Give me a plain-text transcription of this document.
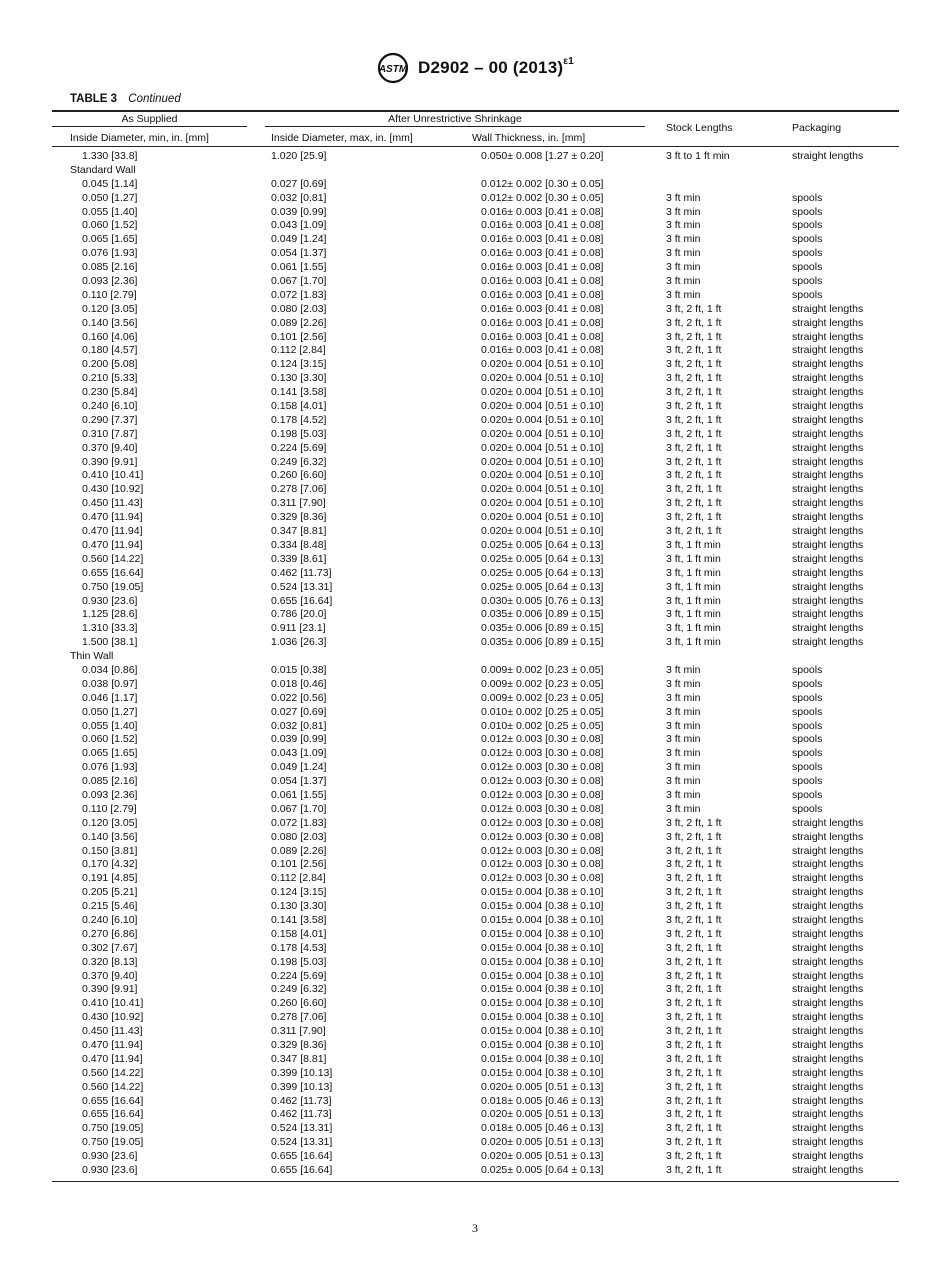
ASTM D2902 – 00 $(2013)^{\varepsilon 1}$
TABLE 3 Continued
As Supplied	After Unrestrictive Shrinkage
Inside Diameter, min, in. [mm]	Inside Diameter, max, in. [mm]	Wall Thickness, in. [mm]
Stock Lengths	Packaging
1.330 [33.8]	1.020 [25.9]	0.050± 0.008 [1.27 ± 0.20]	3 ft to 1 ft min	straight lengths
Standard Wall
0.045 [1.14]	0.027 [0.69]	0.012± 0.002 [0.30 ± 0.05]
0.050 [1.27]	0.032 [0.81]	0.012± 0.002 [0.30 ± 0.05]	3 ft min	spools
0.055 [1.40]	0.039 [0.99]	0.016± 0.003 [0.41 ± 0.08]	3 ft min	spools
0.060 [1.52]	0.043 [1.09]	0.016± 0.003 [0.41 ± 0.08]	3 ft min	spools
0.065 [1.65]	0.049 [1.24]	0.016± 0.003 [0.41 ± 0.08]	3 ft min	spools
0.076 [1.93]	0.054 [1.37]	0.016± 0.003 [0.41 ± 0.08]	3 ft min	spools
0.085 [2.16]	0.061 [1.55]	0.016± 0.003 [0.41 ± 0.08]	3 ft min	spools
0.093 [2.36]	0.067 [1.70]	0.016± 0.003 [0.41 ± 0.08]	3 ft min	spools
0.110 [2.79]	0.072 [1.83]	0.016± 0.003 [0.41 ± 0.08]	3 ft min	spools
0.120 [3.05]	0.080 [2.03]	0.016± 0.003 [0.41 ± 0.08]	3 ft, 2 ft, 1 ft	straight lengths
0.140 [3.56]	0.089 [2.26]	0.016± 0.003 [0.41 ± 0.08]	3 ft, 2 ft, 1 ft	straight lengths
0.160 [4.06]	0.101 [2.56]	0.016± 0.003 [0.41 ± 0.08]	3 ft, 2 ft, 1 ft	straight lengths
0.180 [4.57]	0.112 [2.84]	0.016± 0.003 [0.41 ± 0.08]	3 ft, 2 ft, 1 ft	straight lengths
0.200 [5.08]	0.124 [3.15]	0.020± 0.004 [0.51 ± 0.10]	3 ft, 2 ft, 1 ft	straight lengths
0.210 [5.33]	0.130 [3.30]	0.020± 0.004 [0.51 ± 0.10]	3 ft, 2 ft, 1 ft	straight lengths
0.230 [5.84]	0.141 [3.58]	0.020± 0.004 [0.51 ± 0.10]	3 ft, 2 ft, 1 ft	straight lengths
0.240 [6.10]	0.158 [4.01]	0.020± 0.004 [0.51 ± 0.10]	3 ft, 2 ft, 1 ft	straight lengths
0.290 [7.37]	0.178 [4.52]	0.020± 0.004 [0.51 ± 0.10]	3 ft, 2 ft, 1 ft	straight lengths
0.310 [7.87]	0.198 [5.03]	0.020± 0.004 [0.51 ± 0.10]	3 ft, 2 ft, 1 ft	straight lengths
0.370 [9.40]	0.224 [5.69]	0.020± 0.004 [0.51 ± 0.10]	3 ft, 2 ft, 1 ft	straight lengths
0.390 [9.91]	0.249 [6.32]	0.020± 0.004 [0.51 ± 0.10]	3 ft, 2 ft, 1 ft	straight lengths
0.410 [10.41]	0.260 [6.60]	0.020± 0.004 [0.51 ± 0.10]	3 ft, 2 ft, 1 ft	straight lengths
0.430 [10.92]	0.278 [7.06]	0.020± 0.004 [0.51 ± 0.10]	3 ft, 2 ft, 1 ft	straight lengths
0.450 [11.43]	0.311 [7.90]	0.020± 0.004 [0.51 ± 0.10]	3 ft, 2 ft, 1 ft	straight lengths
0.470 [11.94]	0.329 [8.36]	0.020± 0.004 [0.51 ± 0.10]	3 ft, 2 ft, 1 ft	straight lengths
0.470 [11.94]	0.347 [8.81]	0.020± 0.004 [0.51 ± 0.10]	3 ft, 2 ft, 1 ft	straight lengths
0.470 [11.94]	0.334 [8.48]	0.025± 0.005 [0.64 ± 0.13]	3 ft, 1 ft min	straight lengths
0.560 [14.22]	0.339 [8.61]	0.025± 0.005 [0.64 ± 0.13]	3 ft, 1 ft min	straight lengths
0.655 [16.64]	0.462 [11.73]	0.025± 0.005 [0.64 ± 0.13]	3 ft, 1 ft min	straight lengths
0.750 [19.05]	0.524 [13.31]	0.025± 0.005 [0.64 ± 0.13]	3 ft, 1 ft min	straight lengths
0.930 [23.6]	0.655 [16.64]	0.030± 0.005 [0.76 ± 0.13]	3 ft, 1 ft min	straight lengths
1.125 [28.6]	0.786 [20.0]	0.035± 0.006 [0.89 ± 0.15]	3 ft, 1 ft min	straight lengths
1.310 [33.3]	0.911 [23.1]	0.035± 0.006 [0.89 ± 0.15]	3 ft, 1 ft min	straight lengths
1.500 [38.1]	1.036 [26.3]	0.035± 0.006 [0.89 ± 0.15]	3 ft, 1 ft min	straight lengths
Thin Wall
0.034 [0.86]	0.015 [0.38]	0.009± 0.002 [0.23 ± 0.05]	3 ft min	spools
0.038 [0.97]	0.018 [0.46]	0.009± 0.002 [0.23 ± 0.05]	3 ft min	spools
0.046 [1.17]	0.022 [0.56]	0.009± 0.002 [0.23 ± 0.05]	3 ft min	spools
0.050 [1.27]	0.027 [0.69]	0.010± 0.002 [0.25 ± 0.05]	3 ft min	spools
0.055 [1.40]	0.032 [0.81]	0.010± 0.002 [0.25 ± 0.05]	3 ft min	spools
0.060 [1.52]	0.039 [0.99]	0.012± 0.003 [0.30 ± 0.08]	3 ft min	spools
0.065 [1.65]	0.043 [1.09]	0.012± 0.003 [0.30 ± 0.08]	3 ft min	spools
0.076 [1.93]	0.049 [1.24]	0.012± 0.003 [0.30 ± 0.08]	3 ft min	spools
0.085 [2.16]	0.054 [1.37]	0.012± 0.003 [0.30 ± 0.08]	3 ft min	spools
0.093 [2.36]	0.061 [1.55]	0.012± 0.003 [0.30 ± 0.08]	3 ft min	spools
0.110 [2.79]	0.067 [1.70]	0.012± 0.003 [0.30 ± 0.08]	3 ft min	spools
0.120 [3.05]	0.072 [1.83]	0.012± 0.003 [0.30 ± 0.08]	3 ft, 2 ft, 1 ft	straight lengths
0.140 [3.56]	0.080 [2.03]	0.012± 0.003 [0.30 ± 0.08]	3 ft, 2 ft, 1 ft	straight lengths
0.150 [3.81]	0.089 [2.26]	0.012± 0.003 [0.30 ± 0.08]	3 ft, 2 ft, 1 ft	straight lengths
0.170 [4.32]	0.101 [2.56]	0.012± 0.003 [0.30 ± 0.08]	3 ft, 2 ft, 1 ft	straight lengths
0.191 [4.85]	0.112 [2.84]	0.012± 0.003 [0.30 ± 0.08]	3 ft, 2 ft, 1 ft	straight lengths
0.205 [5.21]	0.124 [3.15]	0.015± 0.004 [0.38 ± 0.10]	3 ft, 2 ft, 1 ft	straight lengths
0.215 [5.46]	0.130 [3.30]	0.015± 0.004 [0.38 ± 0.10]	3 ft, 2 ft, 1 ft	straight lengths
0.240 [6.10]	0.141 [3.58]	0.015± 0.004 [0.38 ± 0.10]	3 ft, 2 ft, 1 ft	straight lengths
0.270 [6.86]	0.158 [4.01]	0.015± 0.004 [0.38 ± 0.10]	3 ft, 2 ft, 1 ft	straight lengths
0.302 [7.67]	0.178 [4.53]	0.015± 0.004 [0.38 ± 0.10]	3 ft, 2 ft, 1 ft	straight lengths
0.320 [8.13]	0.198 [5.03]	0.015± 0.004 [0.38 ± 0.10]	3 ft, 2 ft, 1 ft	straight lengths
0.370 [9.40]	0.224 [5.69]	0.015± 0.004 [0.38 ± 0.10]	3 ft, 2 ft, 1 ft	straight lengths
0.390 [9.91]	0.249 [6.32]	0.015± 0.004 [0.38 ± 0.10]	3 ft, 2 ft, 1 ft	straight lengths
0.410 [10.41]	0.260 [6.60]	0.015± 0.004 [0.38 ± 0.10]	3 ft, 2 ft, 1 ft	straight lengths
0.430 [10.92]	0.278 [7.06]	0.015± 0.004 [0.38 ± 0.10]	3 ft, 2 ft, 1 ft	straight lengths
0.450 [11.43]	0.311 [7.90]	0.015± 0.004 [0.38 ± 0.10]	3 ft, 2 ft, 1 ft	straight lengths
0.470 [11.94]	0.329 [8.36]	0.015± 0.004 [0.38 ± 0.10]	3 ft, 2 ft, 1 ft	straight lengths
0.470 [11.94]	0.347 [8.81]	0.015± 0.004 [0.38 ± 0.10]	3 ft, 2 ft, 1 ft	straight lengths
0.560 [14.22]	0.399 [10.13]	0.015± 0.004 [0.38 ± 0.10]	3 ft, 2 ft, 1 ft	straight lengths
0.560 [14.22]	0.399 [10.13]	0.020± 0.005 [0.51 ± 0.13]	3 ft, 2 ft, 1 ft	straight lengths
0.655 [16.64]	0.462 [11.73]	0.018± 0.005 [0.46 ± 0.13]	3 ft, 2 ft, 1 ft	straight lengths
0.655 [16.64]	0.462 [11.73]	0.020± 0.005 [0.51 ± 0.13]	3 ft, 2 ft, 1 ft	straight lengths
0.750 [19.05]	0.524 [13.31]	0.018± 0.005 [0.46 ± 0.13]	3 ft, 2 ft, 1 ft	straight lengths
0.750 [19.05]	0.524 [13.31]	0.020± 0.005 [0.51 ± 0.13]	3 ft, 2 ft, 1 ft	straight lengths
0.930 [23.6]	0.655 [16.64]	0.020± 0.005 [0.51 ± 0.13]	3 ft, 2 ft, 1 ft	straight lengths
0.930 [23.6]	0.655 [16.64]	0.025± 0.005 [0.64 ± 0.13]	3 ft, 2 ft, 1 ft	straight lengths
3
